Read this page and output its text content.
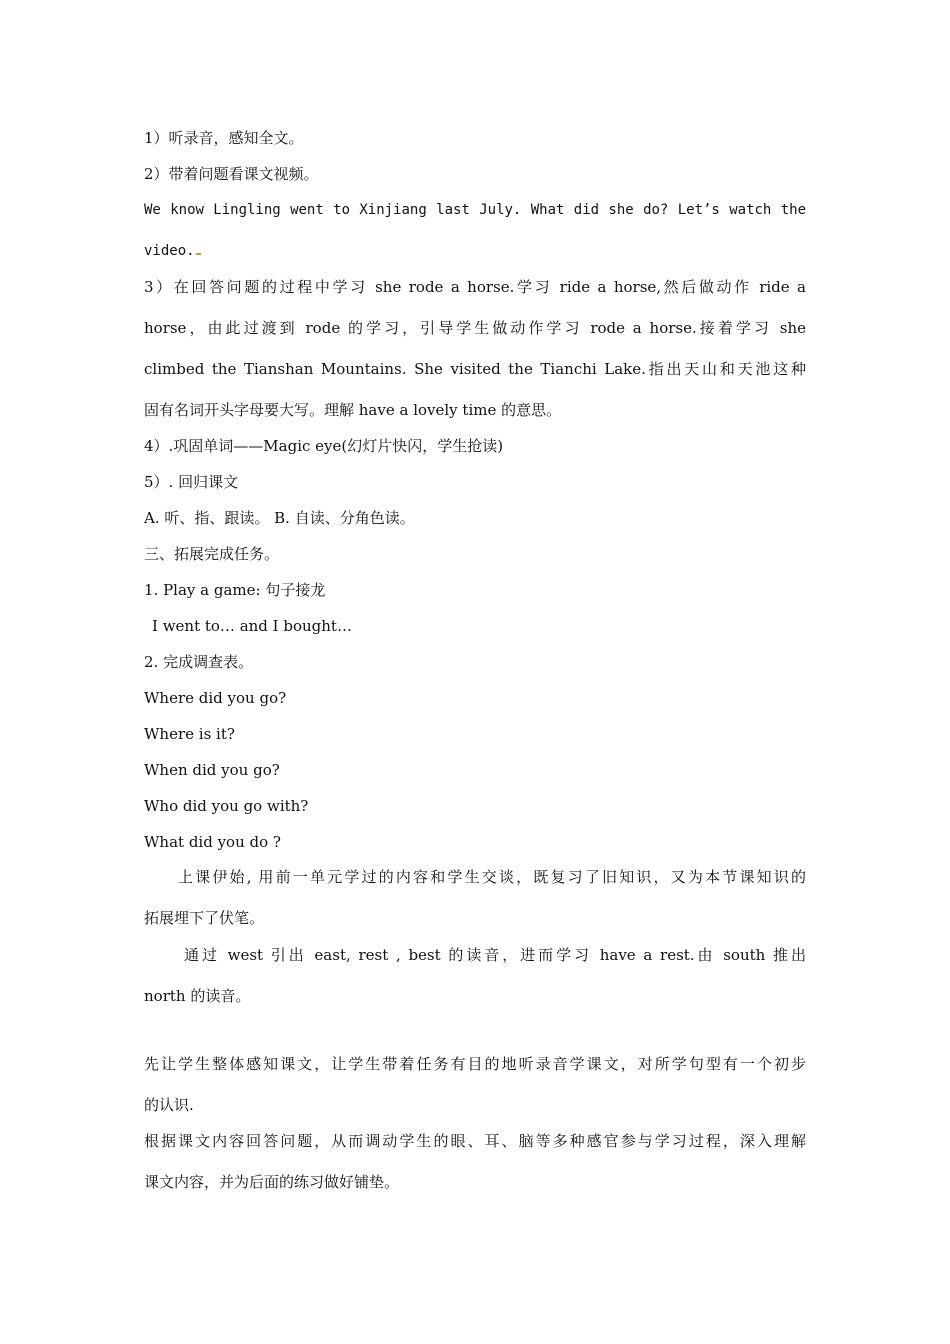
1）听录音，感知全文。
2）带着问题看课文视频。
We know Lingling went to Xinjiang last July. What did she do? Let’s watch the
video.
3）在回答问题的过程中学习 she rode a horse.学习 ride a horse,然后做动作 ride a
horse，由此过渡到 rode 的学习，引导学生做动作学习 rode a horse.接着学习 she
climbed the Tianshan Mountains. She visited the Tianchi Lake.指出天山和天池这种
固有名词开头字母要大写。理解 have a lovely time 的意思。
4）.巩固单词——Magic eye(幻灯片快闪，学生抢读)
5）. 回归课文
A. 听、指、跟读。 B. 自读、分角色读。
三、拓展完成任务。
1. Play a game: 句子接龙
I went to… and I bought…
2. 完成调查表。
Where did you go?
Where is it?
When did you go?
Who did you go with?
What did you do ?
上课伊始, 用前一单元学过的内容和学生交谈，既复习了旧知识，又为本节课知识的
拓展埋下了伏笔。
通过 west 引出 east, rest , best 的读音，进而学习 have a rest.由 south 推出
north 的读音。
先让学生整体感知课文，让学生带着任务有目的地听录音学课文，对所学句型有一个初步
的认识.
根据课文内容回答问题，从而调动学生的眼、耳、脑等多种感官参与学习过程，深入理解
课文内容，并为后面的练习做好铺垫。
